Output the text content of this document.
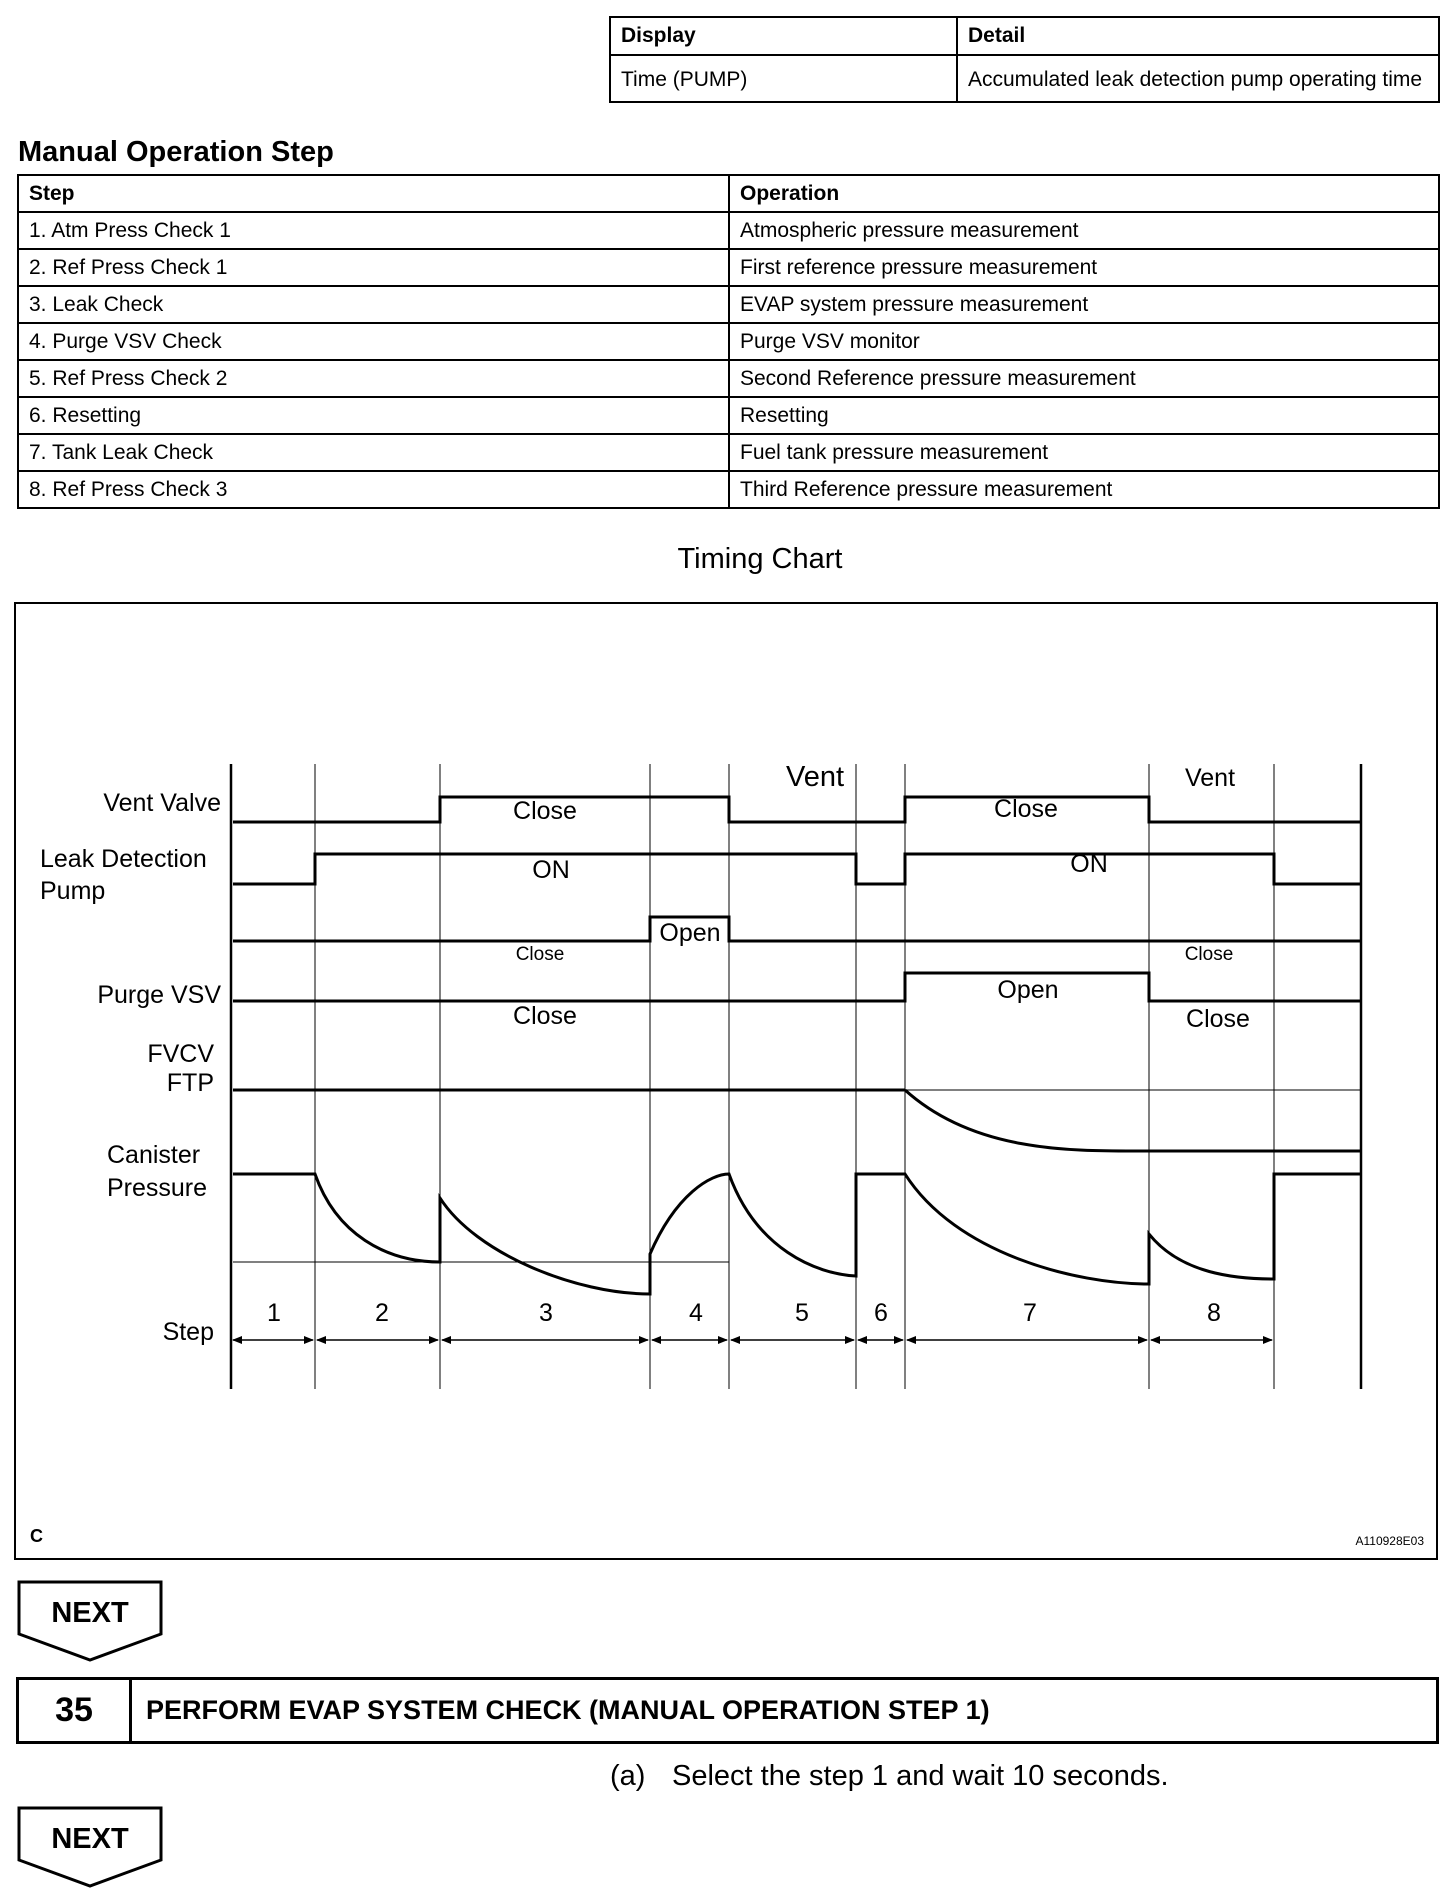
Display	Detail
Time (PUMP)	Accumulated leak detection pump operating time
Manual Operation Step
Step	Operation
1. Atm Press Check 1	Atmospheric pressure measurement
2. Ref Press Check 1	First reference pressure measurement
3. Leak Check	EVAP system pressure measurement
4. Purge VSV Check	Purge VSV monitor
5. Ref Press Check 2	Second Reference pressure measurement
6. Resetting	Resetting
7. Tank Leak Check	Fuel tank pressure measurement
8. Ref Press Check 3	Third Reference pressure measurement
Timing Chart
Vent Valve
Purge VSV
FVCV
FTP
Step
Leak Detection
Pump
Canister
Pressure
Close
Vent
Close
Vent
ON	ON
Close
Open
Close
Close
Open
Close
1	2	3	4	5	6	7	8
C	A110928E03
NEXT
35	PERFORM EVAP SYSTEM CHECK (MANUAL OPERATION STEP 1)
(a) Select the step 1 and wait 10 seconds.
NEXT
